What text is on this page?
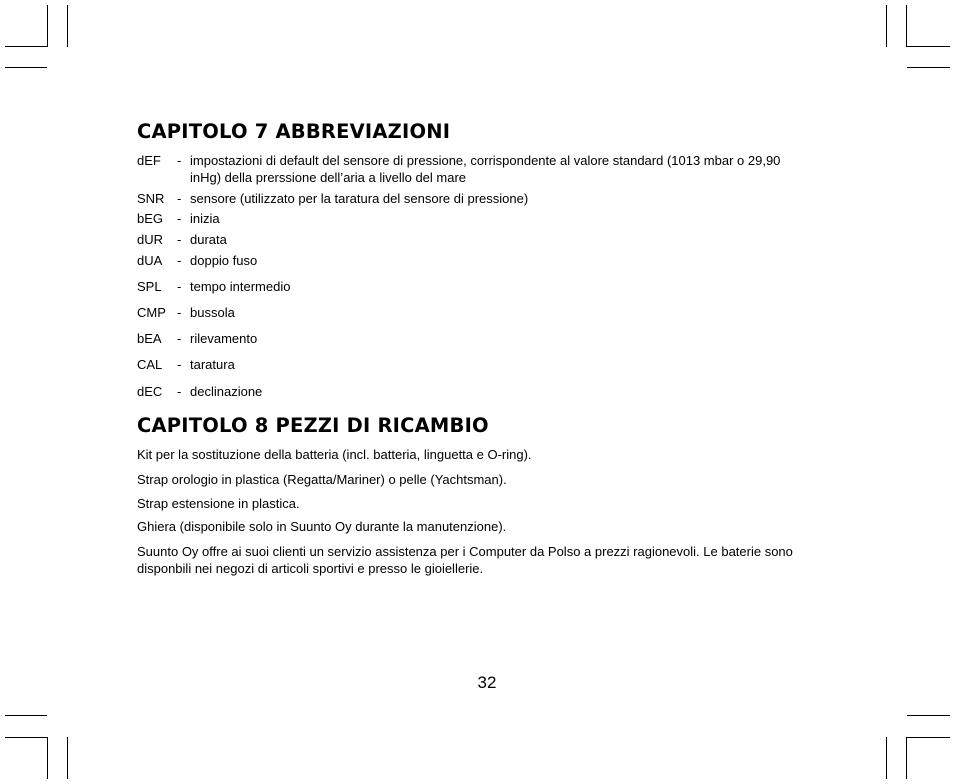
CAPITOLO 7 ABBREVIAZIONI
dEF - impostazioni di default del sensore di pressione, corrispondente al valore standard (1013 mbar o 29,90 inHg) della prerssione dell’aria a livello del mare
SNR - sensore (utilizzato per la taratura del sensore di pressione)
bEG - inizia
dUR - durata
dUA - doppio fuso
SPL - tempo intermedio
CMP - bussola
bEA - rilevamento
CAL - taratura
dEC - declinazione
CAPITOLO 8 PEZZI DI RICAMBIO

Kit per la sostituzione della batteria (incl. batteria, linguetta e O-ring).

Strap orologio in plastica (Regatta/Mariner) o pelle (Yachtsman).

Strap estensione in plastica.

Ghiera (disponibile solo in Suunto Oy durante la manutenzione).

Suunto Oy offre ai suoi clienti un servizio assistenza per i Computer da Polso a prezzi ragionevoli. Le baterie sono disponbili nei negozi di articoli sportivi e presso le gioiellerie.

32
